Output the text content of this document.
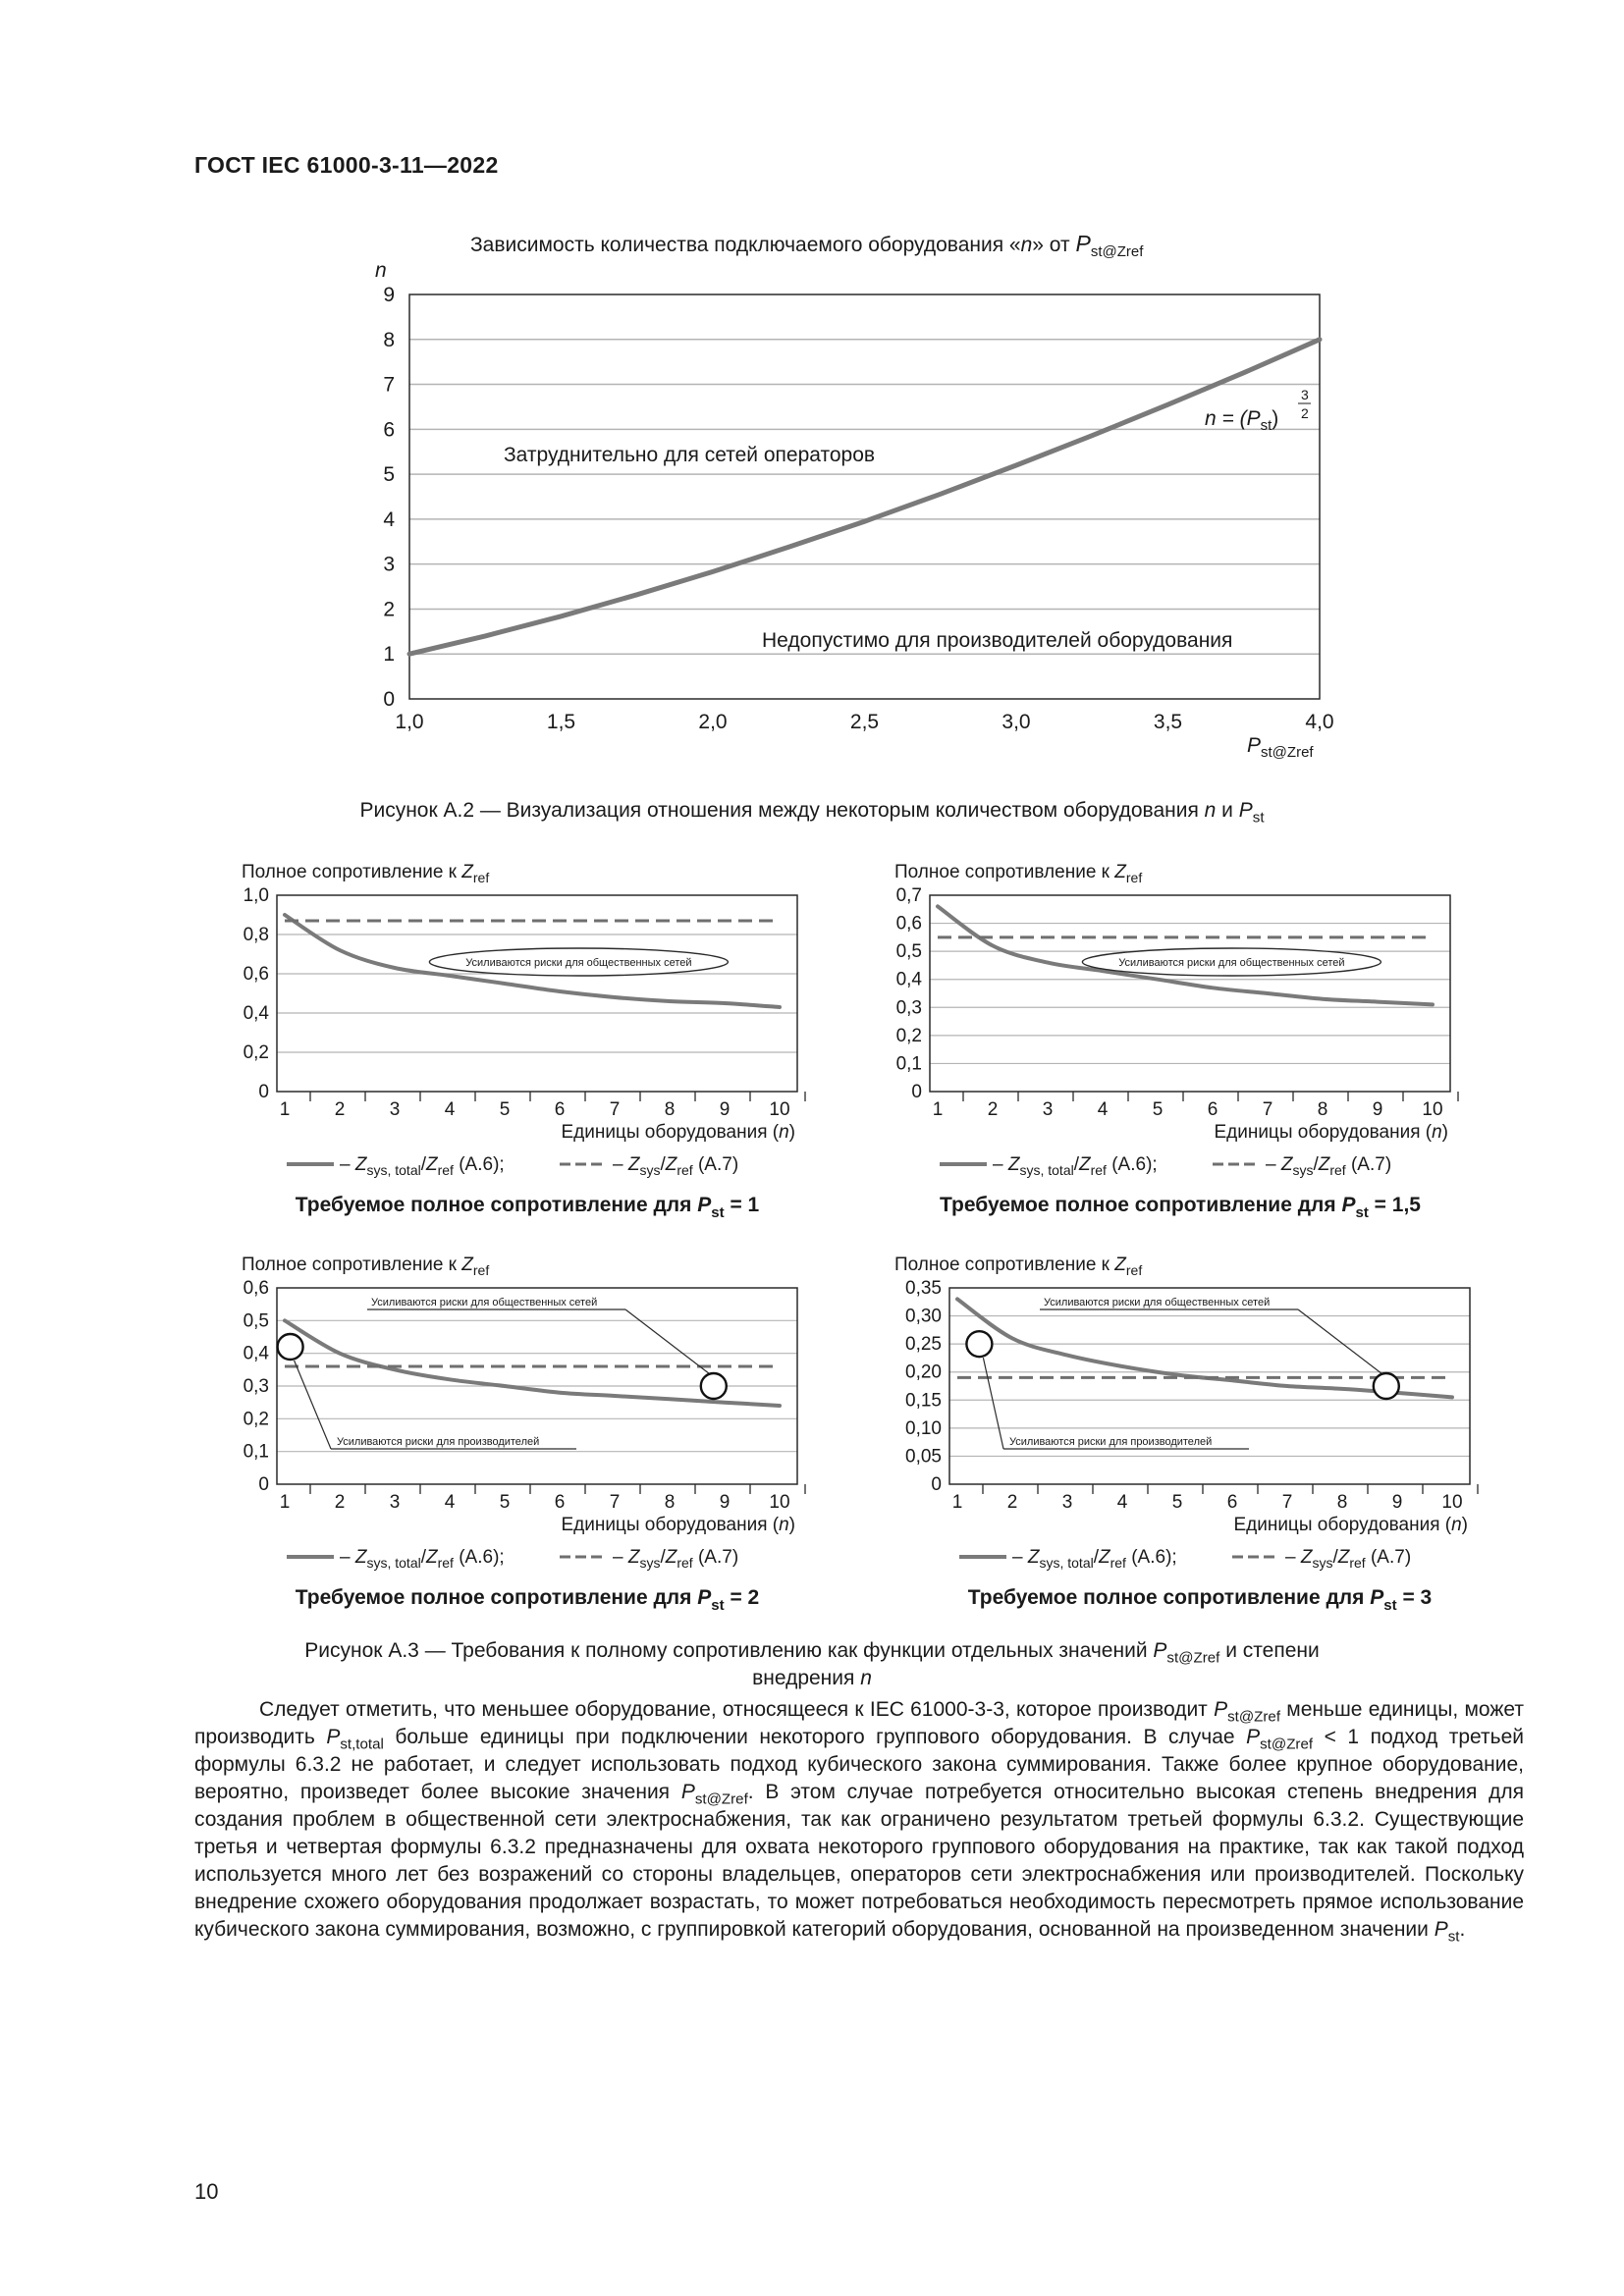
ГОСТ IEC 61000-3-11—2022
0
1
2
3
4
5
6
7
8
9
1,0	1,5	2,0	2,5	3,0	3,5	4,0
Зависимость количества подключаемого оборудования «n» от $P_{st@Zref}$
n
$P_{st@Zref}$
Затруднительно для сетей операторов
Недопустимо для производителей оборудования
$n = (P_{st})$
3
2
Рисунок А.2 — Визуализация отношения между некоторым количеством оборудования n и $P_{st}$
0
0,2
0,4
0,6
0,8
1,0
1 2 3 4 5 6 7 8 9 10
Полное сопротивление к $Z_{ref}$
Единицы оборудования (n)
Усиливаются риски для общественных сетей
– $Z_{sys, total}/Z_{ref}$ (А.6);	– $Z_{sys}/Z_{ref}$ (А.7)
Требуемое полное сопротивление для $P_{st} = 1$
0
0,1
0,2
0,3
0,4
0,5
0,6
0,7
1 2 3 4 5 6 7 8 9 10
Полное сопротивление к $Z_{ref}$
Единицы оборудования (n)
Усиливаются риски для общественных сетей
– $Z_{sys, total}/Z_{ref}$ (А.6);	– $Z_{sys}/Z_{ref}$ (А.7)
Требуемое полное сопротивление для $P_{st} = 1,5$
0
0,1
0,2
0,3
0,4
0,5
0,6
1 2 3 4 5 6 7 8 9 10
Полное сопротивление к $Z_{ref}$
Единицы оборудования (n)
Усиливаются риски для общественных сетей
Усиливаются риски для производителей
– $Z_{sys, total}/Z_{ref}$ (А.6);	– $Z_{sys}/Z_{ref}$ (А.7)
Требуемое полное сопротивление для $P_{st} = 2$
0
0,05
0,10
0,15
0,20
0,25
0,30
0,35
1 2 3 4 5 6 7 8 9 10
Полное сопротивление к $Z_{ref}$
Единицы оборудования (n)
Усиливаются риски для общественных сетей
Усиливаются риски для производителей
– $Z_{sys, total}/Z_{ref}$ (А.6);	– $Z_{sys}/Z_{ref}$ (А.7)
Требуемое полное сопротивление для $P_{st} = 3$
Рисунок А.3 — Требования к полному сопротивлению как функции отдельных значений $P_{st@Zref}$ и степени
внедрения n

Следует отметить, что меньшее оборудование, относящееся к IEC 61000-3-3, которое производит $P_{st@Zref}$ меньше единицы, может производить $P_{st,total}$ больше единицы при подключении некоторого группового оборудования. В случае $P_{st@Zref} < 1$ подход третьей формулы 6.3.2 не работает, и следует использовать подход кубического закона суммирования. Также более крупное оборудование, вероятно, произведет более высокие значения $P_{st@Zref}$. В этом случае потребуется относительно высокая степень внедрения для создания проблем в общественной сети электроснабжения, так как ограничено результатом третьей формулы 6.3.2. Существующие третья и четвертая формулы 6.3.2 предназначены для охвата некоторого группового оборудования на практике, так как такой подход используется много лет без возражений со стороны владельцев, операторов сети электроснабжения или производителей. Поскольку внедрение схожего оборудования продолжает возрастать, то может потребоваться необходимость пересмотреть прямое использование кубического закона суммирования, возможно, с группировкой категорий оборудования, основанной на произведенном значении $P_{st}$.

10
